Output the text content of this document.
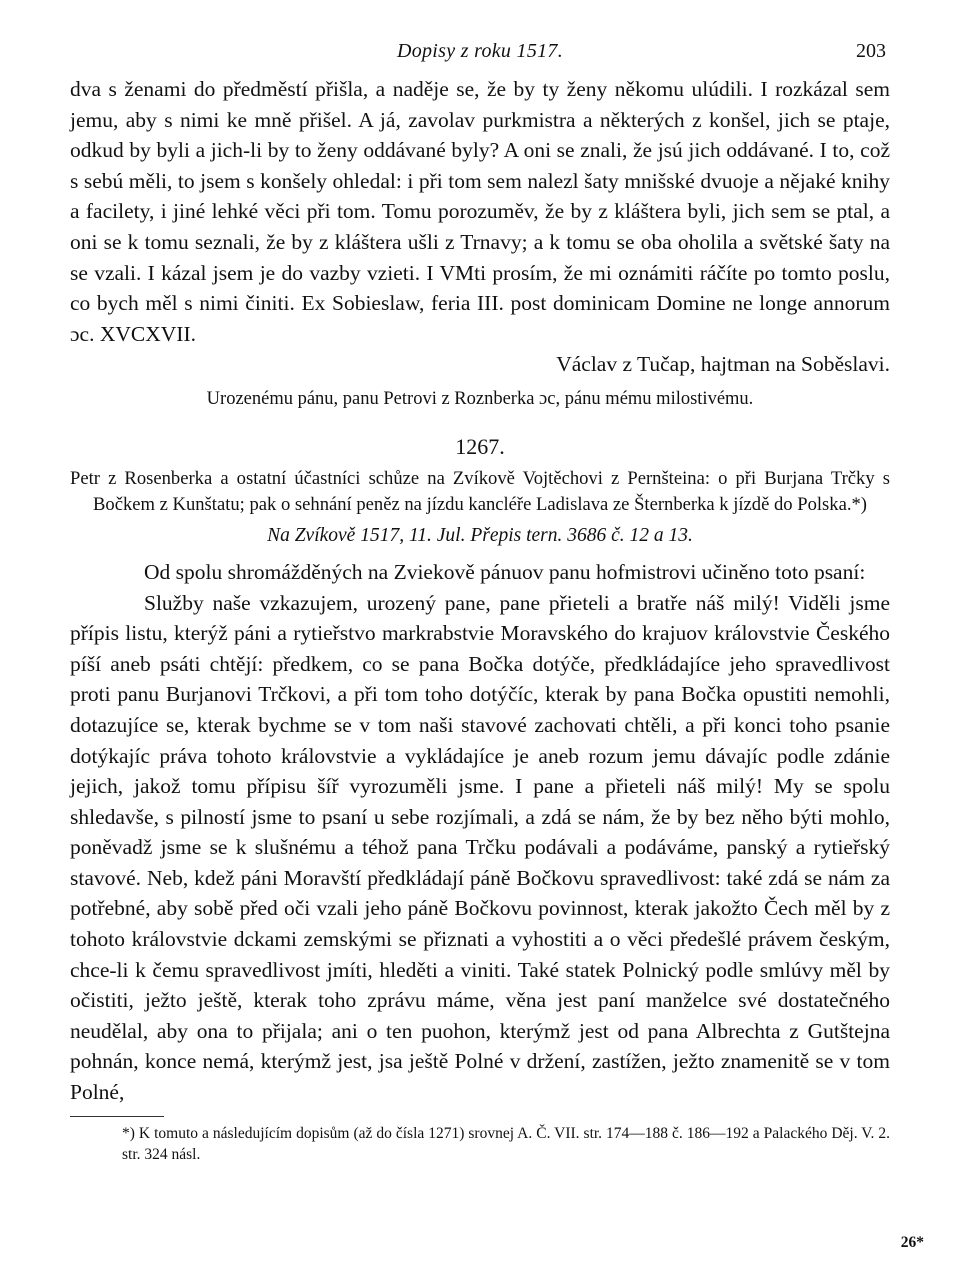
Dopisy z roku 1517.	203

dva s ženami do předměstí přišla, a naděje se, že by ty ženy někomu ulúdili. I rozkázal sem jemu, aby s nimi ke mně přišel. A já, zavolav purkmistra a některých z konšel, jich se ptaje, odkud by byli a jich-li by to ženy oddávané byly? A oni se znali, že jsú jich oddávané. I to, což s sebú měli, to jsem s konšely ohledal: i při tom sem nalezl šaty mnišské dvuoje a nějaké knihy a facilety, i jiné lehké věci při tom. Tomu porozuměv, že by z kláštera byli, jich sem se ptal, a oni se k tomu seznali, že by z kláštera ušli z Trnavy; a k tomu se oba oholila a světské šaty na se vzali. I kázal jsem je do vazby vzieti. I VMti prosím, že mi oznámiti ráčíte po tomto poslu, co bych měl s nimi činiti. Ex Sobieslaw, feria III. post dominicam Domine ne longe annorum ɔc. XVCXVII.

Václav z Tučap, hajtman na Soběslavi.

Urozenému pánu, panu Petrovi z Roznberka ɔc, pánu mému milostivému.

1267.

Petr z Rosenberka a ostatní účastníci schůze na Zvíkově Vojtěchovi z Pernšteina: o při Burjana Trčky s Bočkem z Kunštatu; pak o sehnání peněz na jízdu kancléře Ladislava ze Šternberka k jízdě do Polska.*)

Na Zvíkově 1517, 11. Jul. Přepis tern. 3686 č. 12 a 13.

Od spolu shromážděných na Zviekově pánuov panu hofmistrovi učiněno toto psaní:

Služby naše vzkazujem, urozený pane, pane přieteli a bratře náš milý! Viděli jsme přípis listu, kterýž páni a rytieřstvo markrabstvie Moravského do krajuov královstvie Českého píší aneb psáti chtějí: předkem, co se pana Bočka dotýče, předkládajíce jeho spravedlivost proti panu Burjanovi Trčkovi, a při tom toho dotýčíc, kterak by pana Bočka opustiti nemohli, dotazujíce se, kterak bychme se v tom naši stavové zachovati chtěli, a při konci toho psanie dotýkajíc práva tohoto královstvie a vykládajíce je aneb rozum jemu dávajíc podle zdánie jejich, jakož tomu přípisu šíř vyrozuměli jsme. I pane a přieteli náš milý! My se spolu shledavše, s pilností jsme to psaní u sebe rozjímali, a zdá se nám, že by bez něho býti mohlo, poněvadž jsme se k slušnému a téhož pana Trčku podávali a podáváme, panský a rytieřský stavové. Neb, kdež páni Moravští předkládají páně Bočkovu spravedlivost: také zdá se nám za potřebné, aby sobě před oči vzali jeho páně Bočkovu povinnost, kterak jakožto Čech měl by z tohoto královstvie dckami zemskými se přiznati a vyhostiti a o věci předešlé právem českým, chce-li k čemu spravedlivost jmíti, hleděti a viniti. Také statek Polnický podle smlúvy měl by očistiti, ježto ještě, kterak toho zprávu máme, věna jest paní manželce své dostatečného neudělal, aby ona to přijala; ani o ten puohon, kterýmž jest od pana Albrechta z Gutštejna pohnán, konce nemá, kterýmž jest, jsa ještě Polné v držení, zastížen, ježto znamenitě se v tom Polné,

*) K tomuto a následujícím dopisům (až do čísla 1271) srovnej A. Č. VII. str. 174—188 č. 186—192 a Palackého Děj. V. 2. str. 324 násl.

26*
